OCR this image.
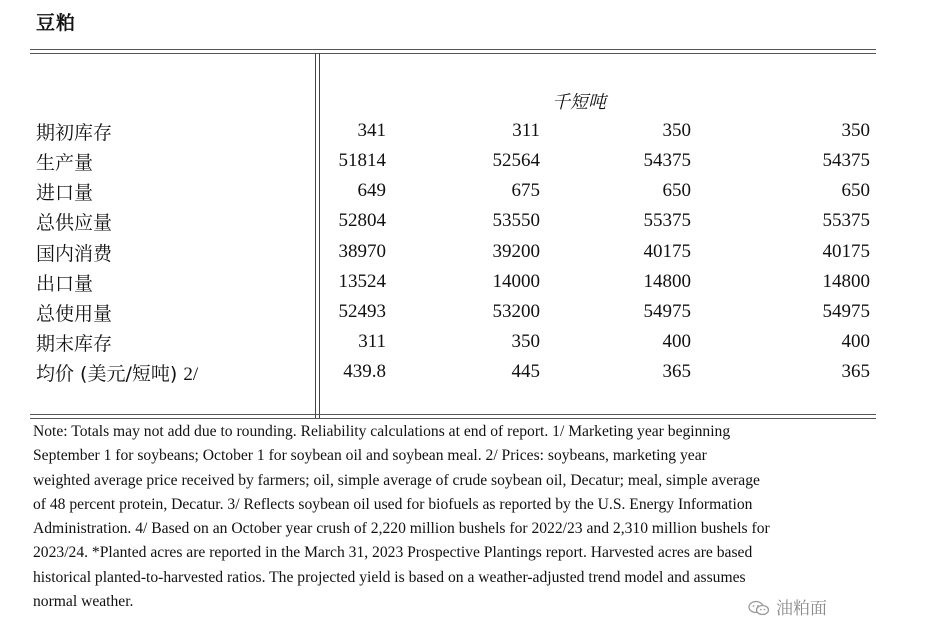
豆粕
千短吨
期初库存	341	311	350	350
生产量	51814	52564	54375	54375
进口量	649	675	650	650
总供应量	52804	53550	55375	55375
国内消费	38970	39200	40175	40175
出口量	13524	14000	14800	14800
总使用量	52493	53200	54975	54975
期末库存	311	350	400	400
均价 (美元/短吨) 2/	439.8	445	365	365

Note: Totals may not add due to rounding. Reliability calculations at end of report. 1/ Marketing year beginning

September 1 for soybeans; October 1 for soybean oil and soybean meal. 2/ Prices: soybeans, marketing year

weighted average price received by farmers; oil, simple average of crude soybean oil, Decatur; meal, simple average

of 48 percent protein, Decatur. 3/ Reflects soybean oil used for biofuels as reported by the U.S. Energy Information

Administration. 4/ Based on an October year crush of 2,220 million bushels for 2022/23 and 2,310 million bushels for

2023/24. *Planted acres are reported in the March 31, 2023 Prospective Plantings report. Harvested acres are based

historical planted-to-harvested ratios. The projected yield is based on a weather-adjusted trend model and assumes

normal weather.	油粕面
